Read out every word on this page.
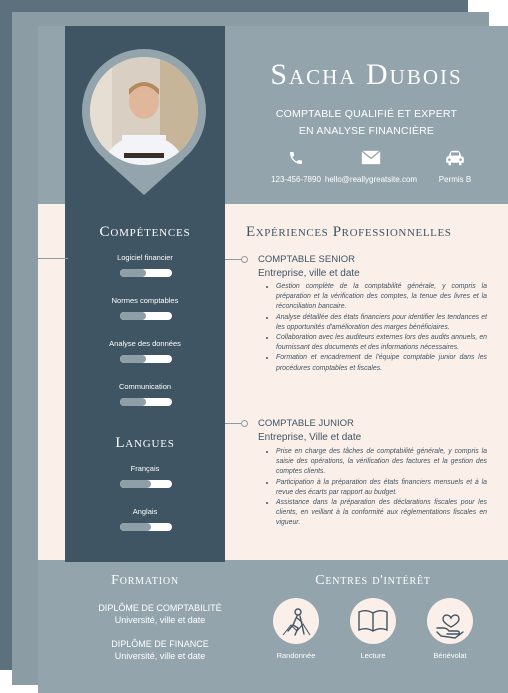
Sacha Dubois
COMPTABLE QUALIFIÉ ET EXPERT
EN ANALYSE FINANCIÈRE
123-456-7890 hello@reallygreatsite.com	Permis B
Compétences
Logiciel financier
Normes comptables
Analyse des données
Communication
Langues
Français
Anglais
Expériences Professionnelles
COMPTABLE SENIOR
Entreprise, ville et date
• Gestion complète de la comptabilité générale, y compris la préparation et la vérification des comptes, la tenue des livres et la réconciliation bancaire.
• Analyse détaillée des états financiers pour identifier les tendances et les opportunités d'amélioration des marges bénéficiaires.
• Collaboration avec les auditeurs externes lors des audits annuels, en fournissant des documents et des informations nécessaires.
• Formation et encadrement de l'équipe comptable junior dans les procédures comptables et fiscales.
COMPTABLE JUNIOR
Entreprise, Ville et date
• Prise en charge des tâches de comptabilité générale, y compris la saisie des opérations, la vérification des factures et la gestion des comptes clients.
• Participation à la préparation des états financiers mensuels et à la revue des écarts par rapport au budget.
• Assistance dans la préparation des déclarations fiscales pour les clients, en veillant à la conformité aux réglementations fiscales en vigueur.
Formation
DIPLÔME DE COMPTABILITÉ
Université, ville et date
DIPLÔME DE FINANCE
Université, ville et date
Centres d'intérêt
Randonnée	Lecture	Bénévolat
